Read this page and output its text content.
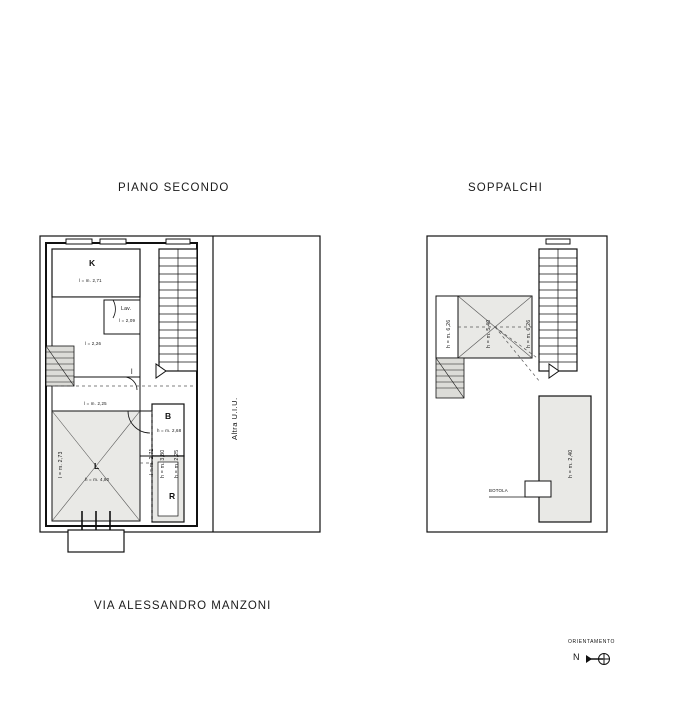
PIANO SECONDO	SOPPALCHI
K
l = m. 2,71
Lav.
l = 2,09
l = 2,26
l = m. 2,25
B
h = m. 2,68
L
h = m. 4,80
R
l = m. 2,73	l = m. 2,71 h = m. 3,80 h = m. 2,25
l
Altra U.I.U.
h = m. 6,26	h = m. 5,40	h = m. 6,26
h = m. 2,40
BOTOLA
VIA ALESSANDRO MANZONI
ORIENTAMENTO
N
